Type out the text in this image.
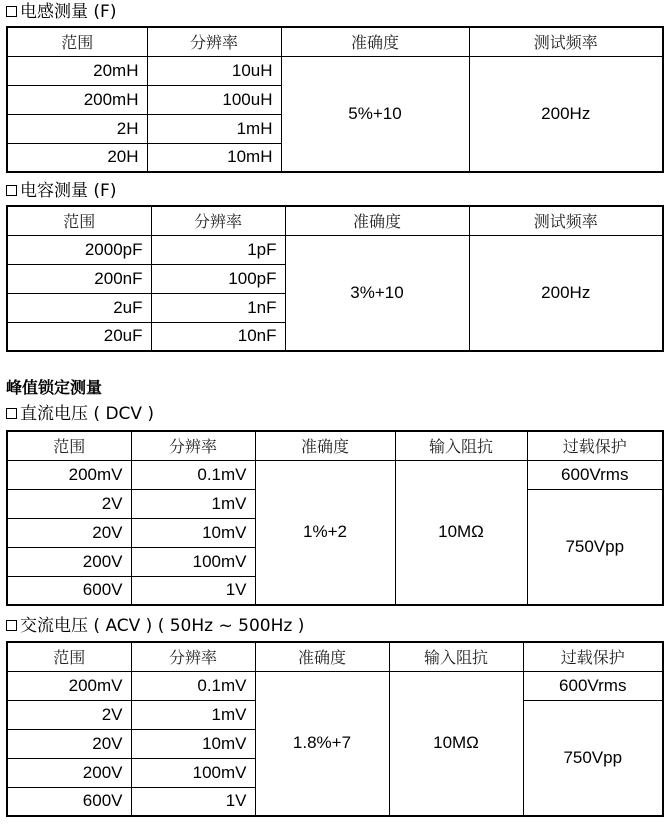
电感测量 (F)
范围	分辨率	准确度	测试频率
20mH	10uH	5%+10	200Hz
200mH	100uH		
2H	1mH		
20H	10mH		
电容测量 (F)
范围	分辨率	准确度	测试频率
2000pF	1pF	3%+10	200Hz
200nF	100pF		
2uF	1nF		
20uF	10nF		
峰值锁定测量
直流电压 ( DCV )
范围	分辨率	准确度	输入阻抗	过载保护
200mV	0.1mV	1%+2	10MΩ	600Vrms
2V	1mV			750Vpp
20V	10mV			
200V	100mV			
600V	1V			
交流电压 ( ACV ) ( 50Hz ~ 500Hz )
范围	分辨率	准确度	输入阻抗	过载保护
200mV	0.1mV	1.8%+7	10MΩ	600Vrms
2V	1mV			750Vpp
20V	10mV			
200V	100mV			
600V	1V			
